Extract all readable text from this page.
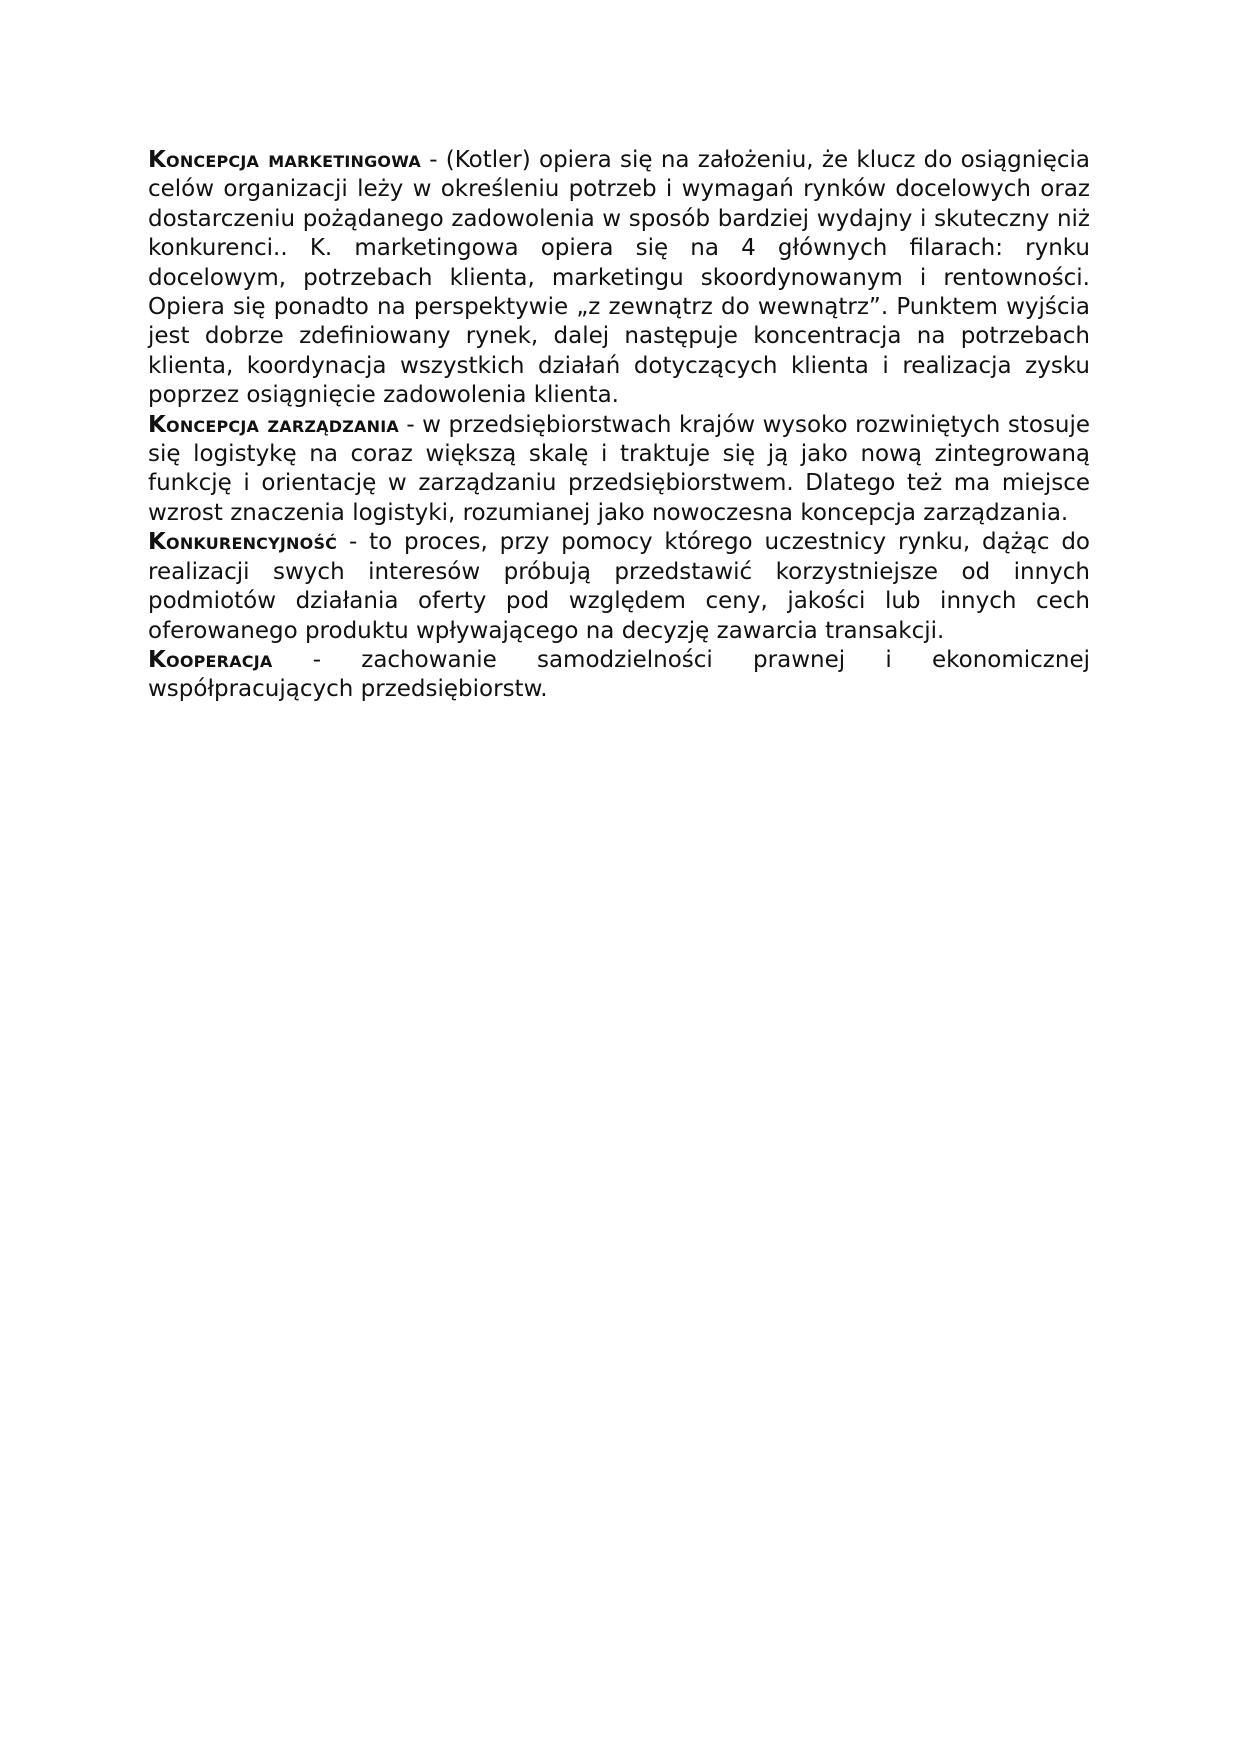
Koncepcja marketingowa - (Kotler) opiera się na założeniu, że klucz do osiągnięcia celów organizacji leży w określeniu potrzeb i wymagań rynków docelowych oraz dostarczeniu pożądanego zadowolenia w sposób bardziej wydajny i skuteczny niż konkurenci.. K. marketingowa opiera się na 4 głównych filarach: rynku docelowym, potrzebach klienta, marketingu skoordynowanym i rentowności. Opiera się ponadto na perspektywie „z zewnątrz do wewnątrz”. Punktem wyjścia jest dobrze zdefiniowany rynek, dalej następuje koncentracja na potrzebach klienta, koordynacja wszystkich działań dotyczących klienta i realizacja zysku poprzez osiągnięcie zadowolenia klienta.

Koncepcja zarządzania - w przedsiębiorstwach krajów wysoko rozwiniętych stosuje się logistykę na coraz większą skalę i traktuje się ją jako nową zintegrowaną funkcję i orientację w zarządzaniu przedsiębiorstwem. Dlatego też ma miejsce wzrost znaczenia logistyki, rozumianej jako nowoczesna koncepcja zarządzania.

Konkurencyjność - to proces, przy pomocy którego uczestnicy rynku, dążąc do realizacji swych interesów próbują przedstawić korzystniejsze od innych podmiotów działania oferty pod względem ceny, jakości lub innych cech oferowanego produktu wpływającego na decyzję zawarcia transakcji.

Kooperacja - zachowanie samodzielności prawnej i ekonomicznej współpracujących przedsiębiorstw.
